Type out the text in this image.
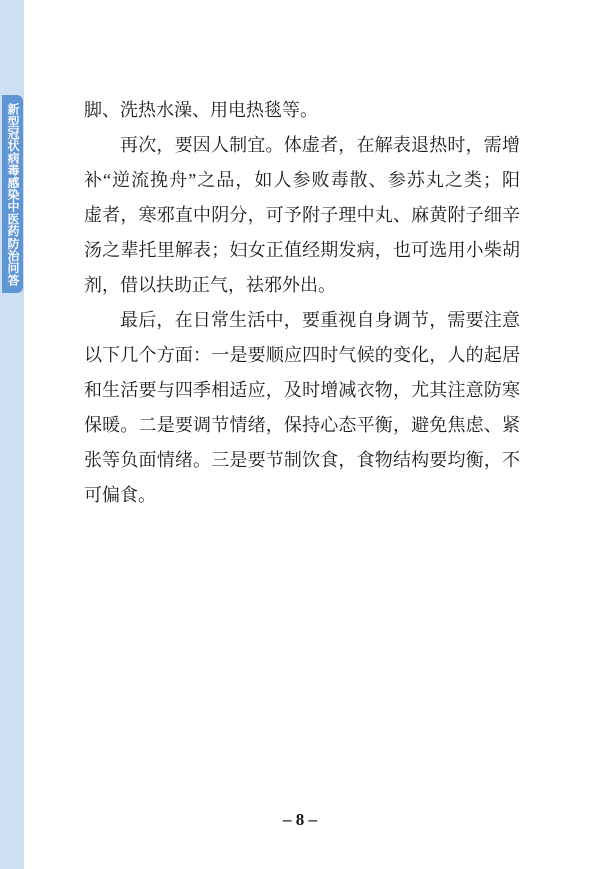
新型冠状病毒感染中医药防治问答	脚、洗热水澡、用电热毯等。
再次，要因人制宜。体虚者，在解表退热时，需增
补“逆流挽舟”之品，如人参败毒散、参苏丸之类；阳
虚者，寒邪直中阴分，可予附子理中丸、麻黄附子细辛
汤之辈托里解表；妇女正值经期发病，也可选用小柴胡
剂，借以扶助正气，祛邪外出。
最后，在日常生活中，要重视自身调节，需要注意
以下几个方面：一是要顺应四时气候的变化，人的起居
和生活要与四季相适应，及时增减衣物，尤其注意防寒
保暖。二是要调节情绪，保持心态平衡，避免焦虑、紧
张等负面情绪。三是要节制饮食，食物结构要均衡，不
可偏食。
– 8 –
